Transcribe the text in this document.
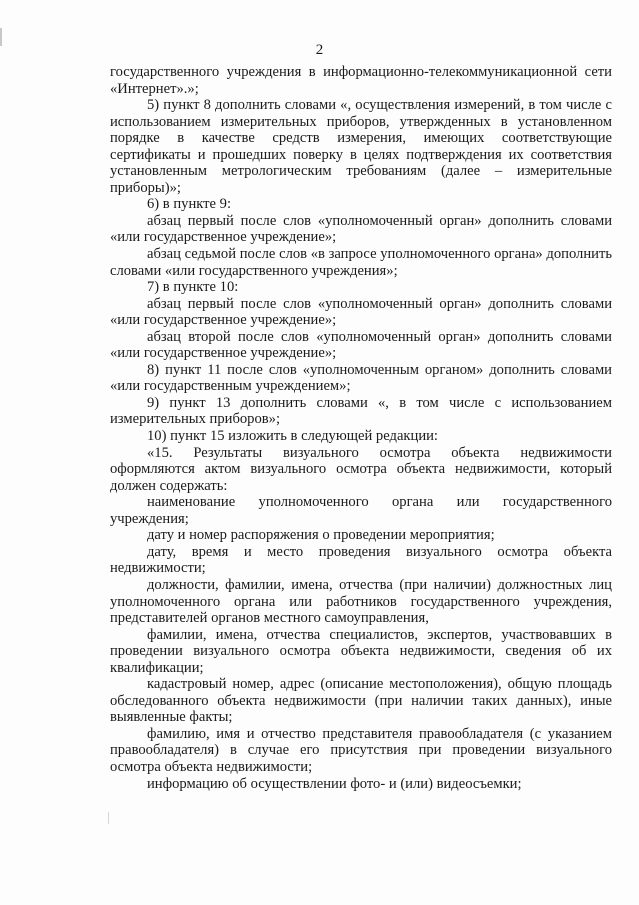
2

государственного учреждения в информационно-телекоммуникационной сети «Интернет».»;

5) пункт 8 дополнить словами «, осуществления измерений, в том числе с использованием измерительных приборов, утвержденных в установленном порядке в качестве средств измерения, имеющих соответствующие сертификаты и прошедших поверку в целях подтверждения их соответствия установленным метрологическим требованиям (далее – измерительные приборы)»;

6) в пункте 9:

абзац первый после слов «уполномоченный орган» дополнить словами «или государственное учреждение»;

абзац седьмой после слов «в запросе уполномоченного органа» дополнить словами «или государственного учреждения»;

7) в пункте 10:

абзац первый после слов «уполномоченный орган» дополнить словами «или государственное учреждение»;

абзац второй после слов «уполномоченный орган» дополнить словами «или государственное учреждение»;

8) пункт 11 после слов «уполномоченным органом» дополнить словами «или государственным учреждением»;

9) пункт 13 дополнить словами «, в том числе с использованием измерительных приборов»;

10) пункт 15 изложить в следующей редакции:

«15. Результаты визуального осмотра объекта недвижимости оформляются актом визуального осмотра объекта недвижимости, который должен содержать:

наименование уполномоченного органа или государственного учреждения;

дату и номер распоряжения о проведении мероприятия;

дату, время и место проведения визуального осмотра объекта недвижимости;

должности, фамилии, имена, отчества (при наличии) должностных лиц уполномоченного органа или работников государственного учреждения, представителей органов местного самоуправления,

фамилии, имена, отчества специалистов, экспертов, участвовавших в проведении визуального осмотра объекта недвижимости, сведения об их квалификации;

кадастровый номер, адрес (описание местоположения), общую площадь обследованного объекта недвижимости (при наличии таких данных), иные выявленные факты;

фамилию, имя и отчество представителя правообладателя (с указанием правообладателя) в случае его присутствия при проведении визуального осмотра объекта недвижимости;

информацию об осуществлении фото- и (или) видеосъемки;
